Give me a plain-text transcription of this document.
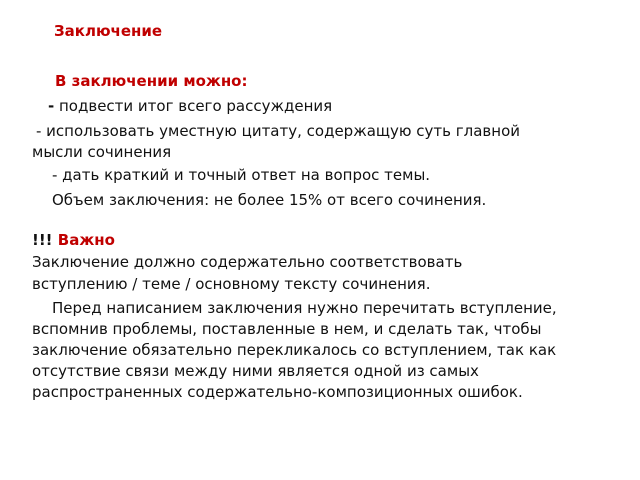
Заключение
В заключении можно:
- подвести итог всего рассуждения
- использовать уместную цитату, содержащую суть главной
мысли сочинения
- дать краткий и точный ответ на вопрос темы.
Объем заключения: не более 15% от всего сочинения.
!!! Важно
Заключение должно содержательно соответствовать
вступлению / теме / основному тексту сочинения.
Перед написанием заключения нужно перечитать вступление, вспомнив проблемы, поставленные в нем, и сделать так, чтобы заключение обязательно перекликалось со вступлением, так как отсутствие связи между ними является одной из самых распространенных содержательно-композиционных ошибок.
